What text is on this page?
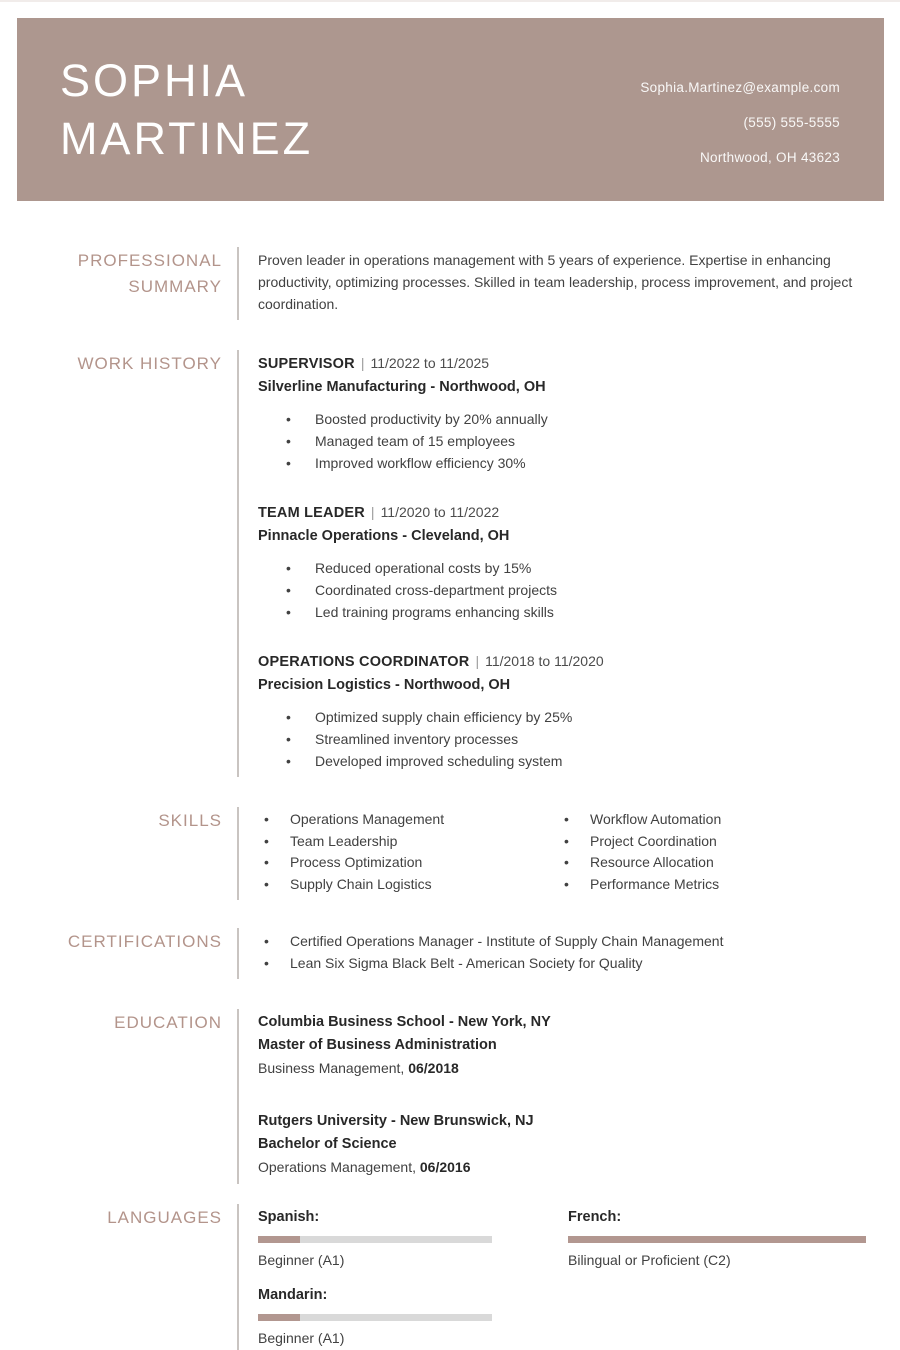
SOPHIA
MARTINEZ
Sophia.Martinez@example.com
(555) 555-5555
Northwood, OH 43623
PROFESSIONAL SUMMARY

Proven leader in operations management with 5 years of experience. Expertise in enhancing productivity, optimizing processes. Skilled in team leadership, process improvement, and project coordination.

WORK HISTORY SUPERVISOR | 11/2022 to 11/2025
Silverline Manufacturing - Northwood, OH
• Boosted productivity by 20% annually
• Managed team of 15 employees
• Improved workflow efficiency 30%
TEAM LEADER | 11/2020 to 11/2022
Pinnacle Operations - Cleveland, OH
• Reduced operational costs by 15%
• Coordinated cross-department projects
• Led training programs enhancing skills
OPERATIONS COORDINATOR | 11/2018 to 11/2020
Precision Logistics - Northwood, OH
• Optimized supply chain efficiency by 25%
• Streamlined inventory processes
• Developed improved scheduling system
SKILLS	• Operations Management
• Team Leadership
• Process Optimization
• Supply Chain Logistics
• Workflow Automation
• Project Coordination
• Resource Allocation
• Performance Metrics
CERTIFICATIONS	• Certified Operations Manager - Institute of Supply Chain Management
• Lean Six Sigma Black Belt - American Society for Quality
EDUCATION Columbia Business School - New York, NY
Master of Business Administration
Business Management, 06/2018
Rutgers University - New Brunswick, NJ
Bachelor of Science
Operations Management, 06/2016
LANGUAGES Spanish:
Beginner (A1)
French:
Bilingual or Proficient (C2)
Mandarin:
Beginner (A1)
